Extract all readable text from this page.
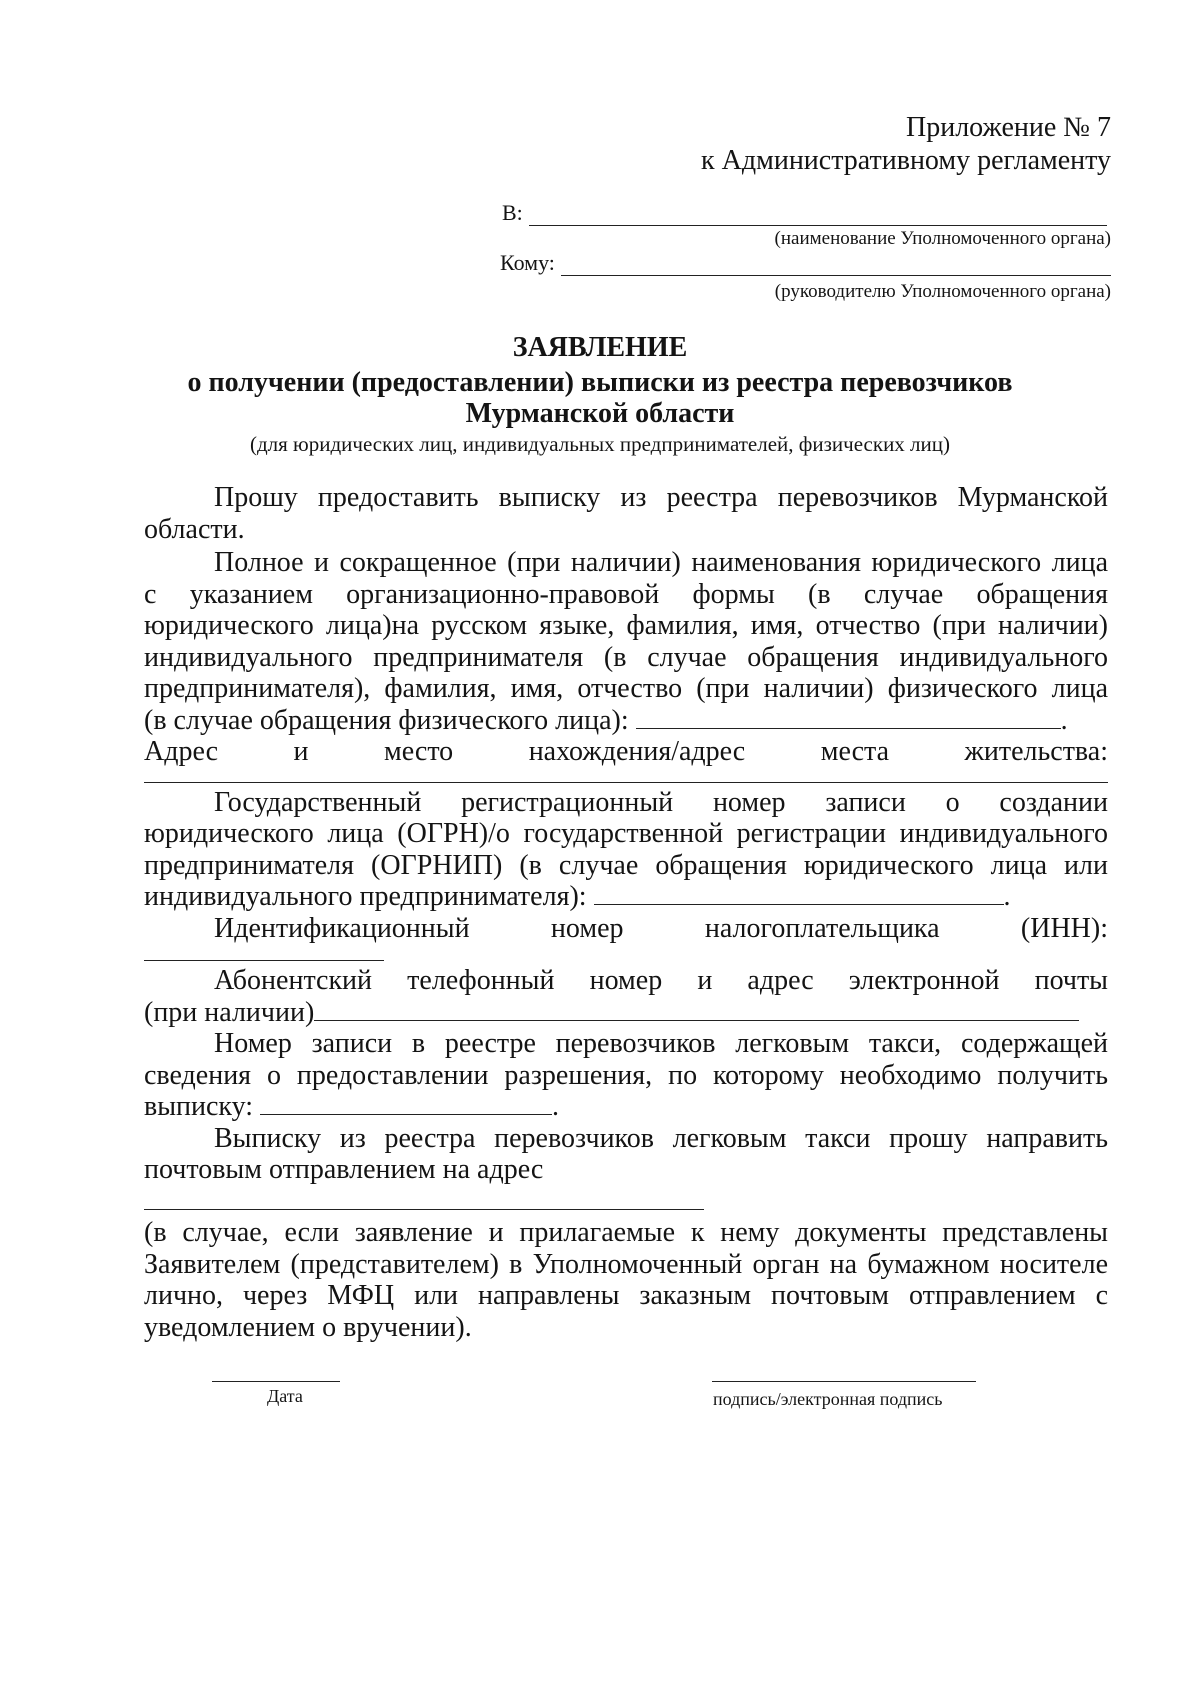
Приложение № 7
к Административному регламенту
В:
(наименование Уполномоченного органа)
Кому:
(руководителю Уполномоченного органа)
ЗАЯВЛЕНИЕ
о получении (предоставлении) выписки из реестра перевозчиков
Мурманской области
(для юридических лиц, индивидуальных предпринимателей, физических лиц)

Прошу предоставить выписку из реестра перевозчиков Мурманской

области.

Полное и сокращенное (при наличии) наименования юридического лица

с указанием организационно-правовой формы (в случае обращения

юридического лица)на русском языке, фамилия, имя, отчество (при наличии)

индивидуального предпринимателя (в случае обращения индивидуального

предпринимателя), фамилия, имя, отчество (при наличии) физического лица

(в случае обращения физического лица):	.

Адрес и место нахождения/адрес места жительства:

Государственный регистрационный номер записи о создании

юридического лица (ОГРН)/о государственной регистрации индивидуального

предпринимателя (ОГРНИП) (в случае обращения юридического лица или

индивидуального предпринимателя):	.

Идентификационный номер налогоплательщика (ИНН):

Абонентский телефонный номер и адрес электронной почты

(при наличии)

Номер записи в реестре перевозчиков легковым такси, содержащей

сведения о предоставлении разрешения, по которому необходимо получить

выписку:	.

Выписку из реестра перевозчиков легковым такси прошу направить

почтовым отправлением на адрес

(в случае, если заявление и прилагаемые к нему документы представлены

Заявителем (представителем) в Уполномоченный орган на бумажном носителе

лично, через МФЦ или направлены заказным почтовым отправлением с

уведомлением о вручении).

Дата	подпись/электронная подпись
